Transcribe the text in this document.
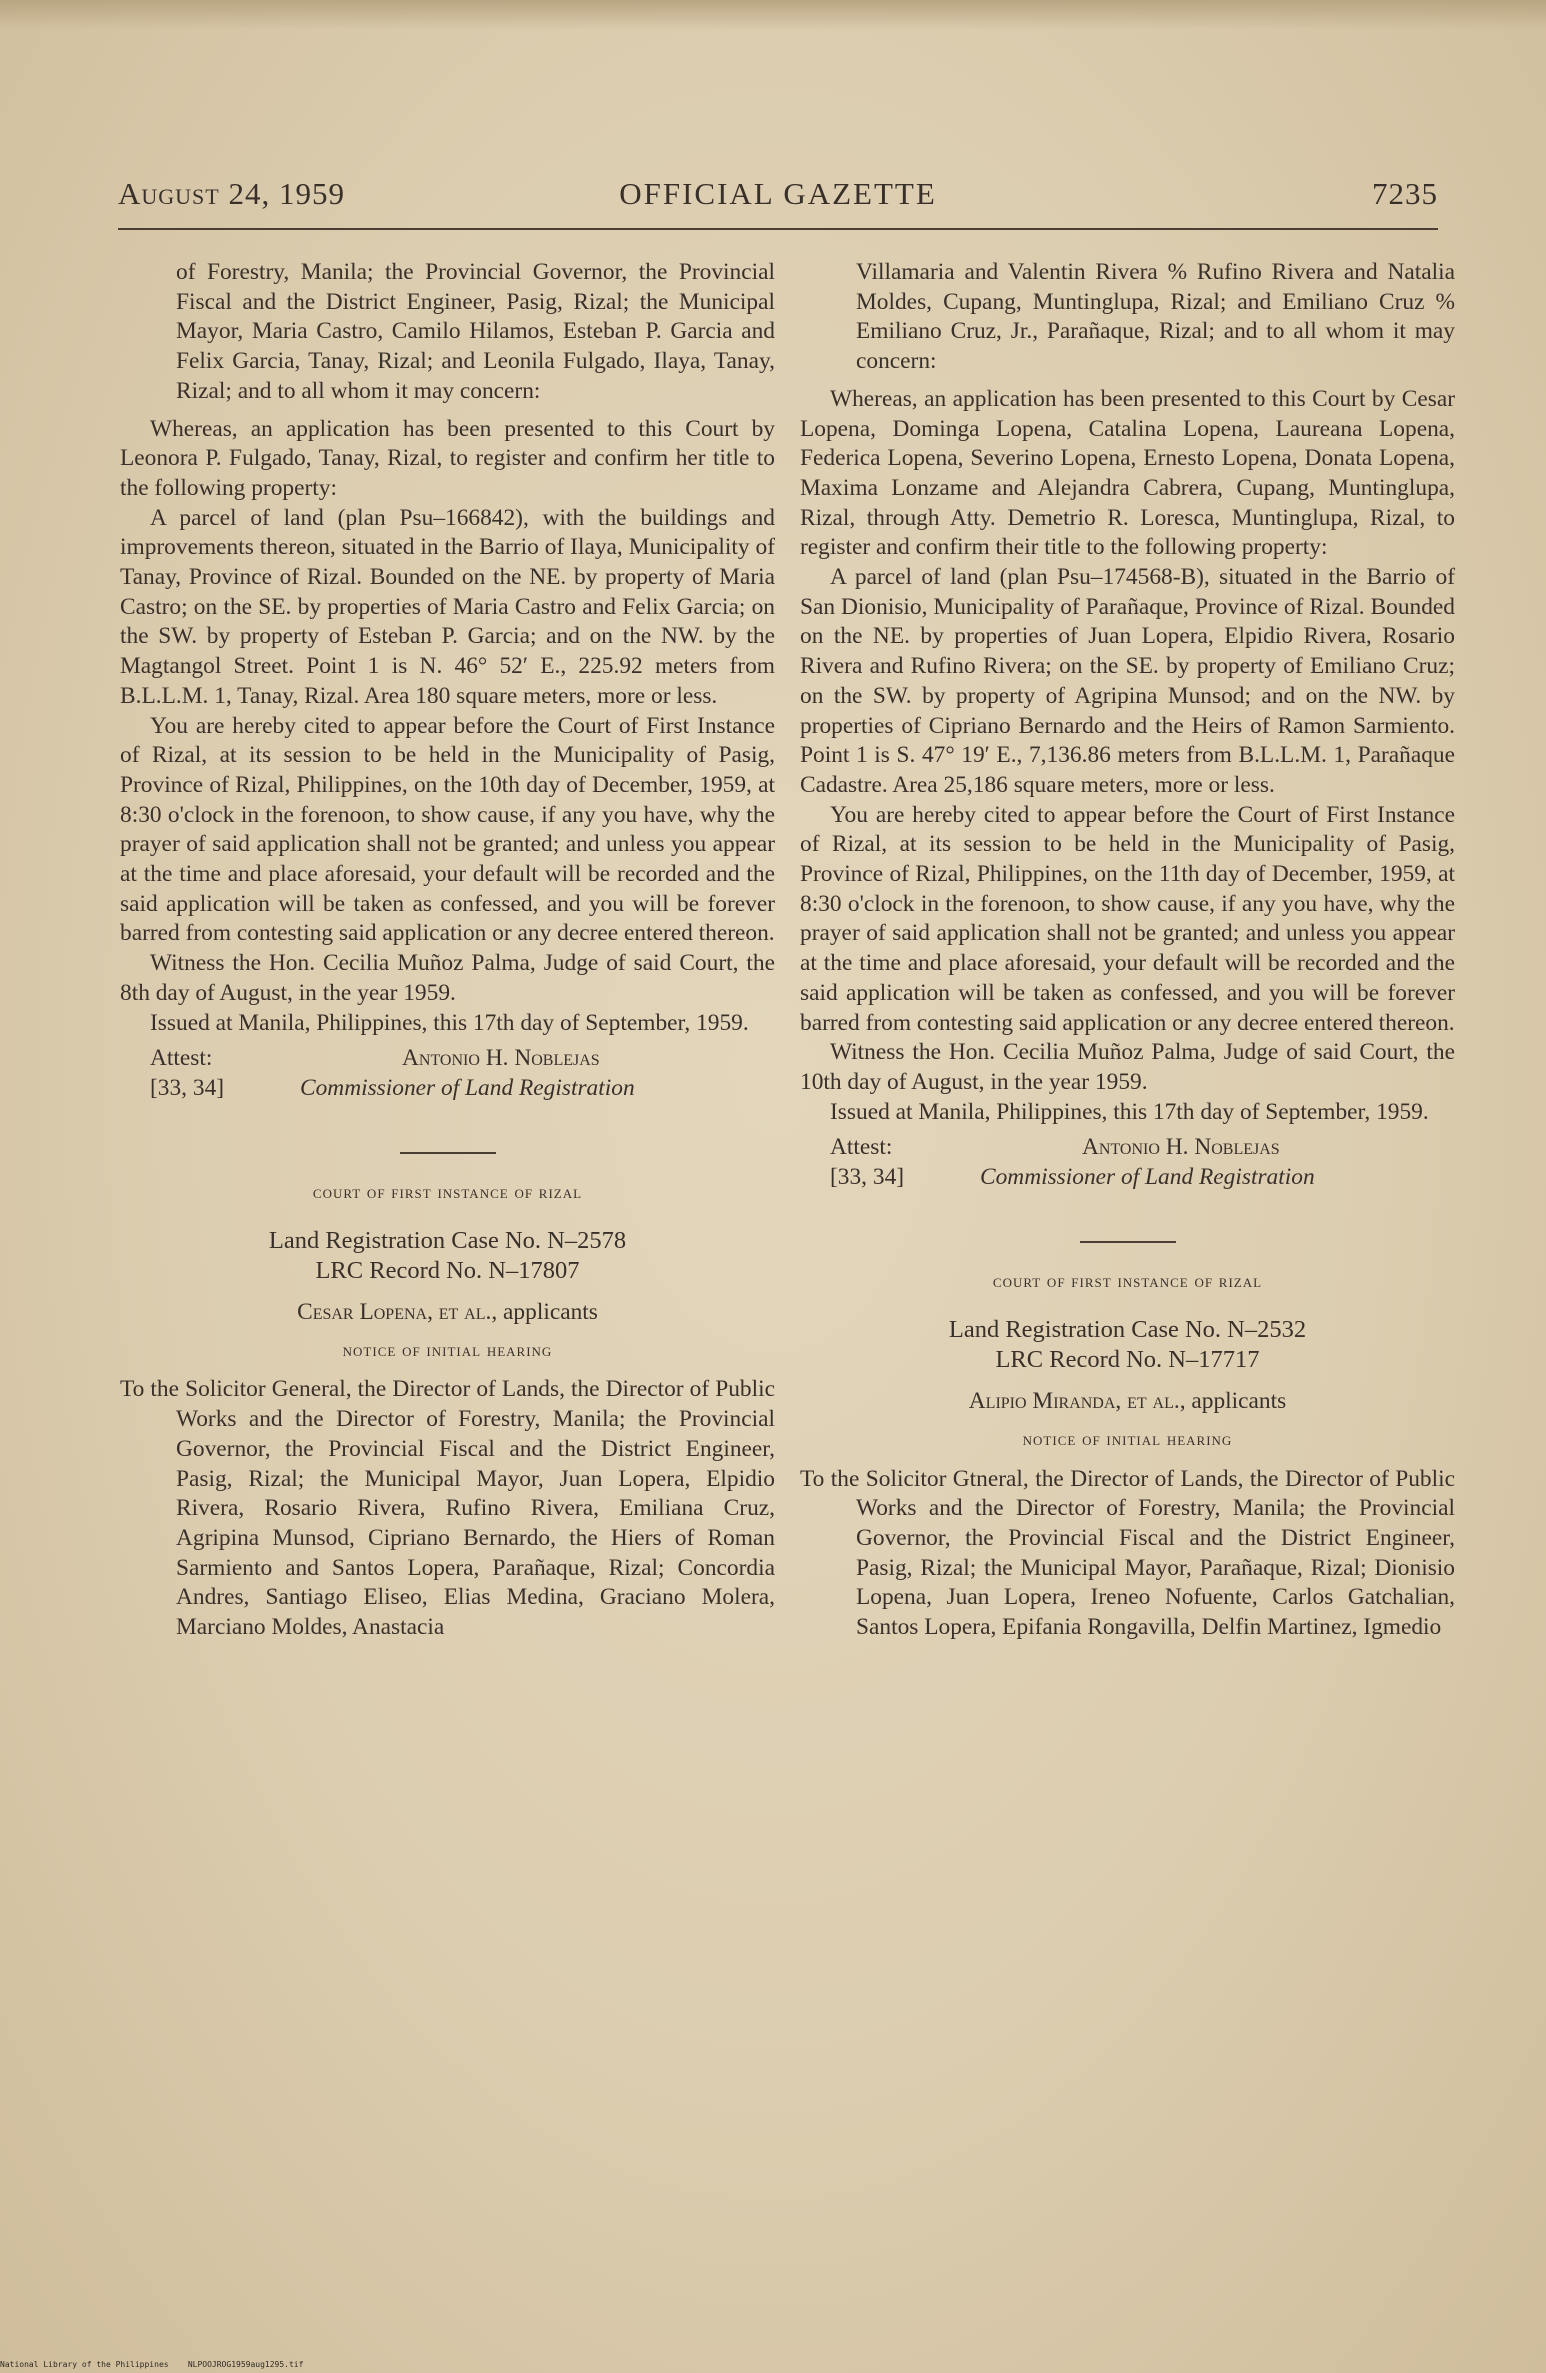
OFFICIAL GAZETTE
August 24, 1959	7235

of Forestry, Manila; the Provincial Governor, the Provincial Fiscal and the District Engineer, Pasig, Rizal; the Municipal Mayor, Maria Castro, Camilo Hilamos, Esteban P. Garcia and Felix Garcia, Tanay, Rizal; and Leonila Fulgado, Ilaya, Tanay, Rizal; and to all whom it may concern:

Whereas, an application has been presented to this Court by Leonora P. Fulgado, Tanay, Rizal, to register and confirm her title to the following property:

A parcel of land (plan Psu–166842), with the buildings and improvements thereon, situated in the Barrio of Ilaya, Municipality of Tanay, Province of Rizal. Bounded on the NE. by property of Maria Castro; on the SE. by properties of Maria Castro and Felix Garcia; on the SW. by property of Esteban P. Garcia; and on the NW. by the Magtangol Street. Point 1 is N. 46° 52′ E., 225.92 meters from B.L.L.M. 1, Tanay, Rizal. Area 180 square meters, more or less.

You are hereby cited to appear before the Court of First Instance of Rizal, at its session to be held in the Municipality of Pasig, Province of Rizal, Philippines, on the 10th day of December, 1959, at 8:30 o'clock in the forenoon, to show cause, if any you have, why the prayer of said application shall not be granted; and unless you appear at the time and place aforesaid, your default will be recorded and the said application will be taken as confessed, and you will be forever barred from contesting said application or any decree entered thereon.

Witness the Hon. Cecilia Muñoz Palma, Judge of said Court, the 8th day of August, in the year 1959.

Issued at Manila, Philippines, this 17th day of September, 1959.

Attest:	Antonio H. Noblejas
[33, 34]	Commissioner of Land Registration

court of first instance of rizal

Land Registration Case No. N–2578

LRC Record No. N–17807

Cesar Lopena, et al., applicants

notice of initial hearing

To the Solicitor General, the Director of Lands, the Director of Public Works and the Director of Forestry, Manila; the Provincial Governor, the Provincial Fiscal and the District Engineer, Pasig, Rizal; the Municipal Mayor, Juan Lopera, Elpidio Rivera, Rosario Rivera, Rufino Rivera, Emiliana Cruz, Agripina Munsod, Cipriano Bernardo, the Hiers of Roman Sarmiento and Santos Lopera, Parañaque, Rizal; Concordia Andres, Santiago Eliseo, Elias Medina, Graciano Molera, Marciano Moldes, Anastacia

Villamaria and Valentin Rivera % Rufino Rivera and Natalia Moldes, Cupang, Muntinglupa, Rizal; and Emiliano Cruz % Emiliano Cruz, Jr., Parañaque, Rizal; and to all whom it may concern:

Whereas, an application has been presented to this Court by Cesar Lopena, Dominga Lopena, Catalina Lopena, Laureana Lopena, Federica Lopena, Severino Lopena, Ernesto Lopena, Donata Lopena, Maxima Lonzame and Alejandra Cabrera, Cupang, Muntinglupa, Rizal, through Atty. Demetrio R. Loresca, Muntinglupa, Rizal, to register and confirm their title to the following property:

A parcel of land (plan Psu–174568-B), situated in the Barrio of San Dionisio, Municipality of Parañaque, Province of Rizal. Bounded on the NE. by properties of Juan Lopera, Elpidio Rivera, Rosario Rivera and Rufino Rivera; on the SE. by property of Emiliano Cruz; on the SW. by property of Agripina Munsod; and on the NW. by properties of Cipriano Bernardo and the Heirs of Ramon Sarmiento. Point 1 is S. 47° 19′ E., 7,136.86 meters from B.L.L.M. 1, Parañaque Cadastre. Area 25,186 square meters, more or less.

You are hereby cited to appear before the Court of First Instance of Rizal, at its session to be held in the Municipality of Pasig, Province of Rizal, Philippines, on the 11th day of December, 1959, at 8:30 o'clock in the forenoon, to show cause, if any you have, why the prayer of said application shall not be granted; and unless you appear at the time and place aforesaid, your default will be recorded and the said application will be taken as confessed, and you will be forever barred from contesting said application or any decree entered thereon.

Witness the Hon. Cecilia Muñoz Palma, Judge of said Court, the 10th day of August, in the year 1959.

Issued at Manila, Philippines, this 17th day of September, 1959.

Attest:	Antonio H. Noblejas
[33, 34]	Commissioner of Land Registration

court of first instance of rizal

Land Registration Case No. N–2532

LRC Record No. N–17717

Alipio Miranda, et al., applicants

notice of initial hearing

To the Solicitor Gtneral, the Director of Lands, the Director of Public Works and the Director of Forestry, Manila; the Provincial Governor, the Provincial Fiscal and the District Engineer, Pasig, Rizal; the Municipal Mayor, Parañaque, Rizal; Dionisio Lopena, Juan Lopera, Ireneo Nofuente, Carlos Gatchalian, Santos Lopera, Epifania Rongavilla, Delfin Martinez, Igmedio

National Library of the Philippines NLPOOJROG1959aug1295.tif
